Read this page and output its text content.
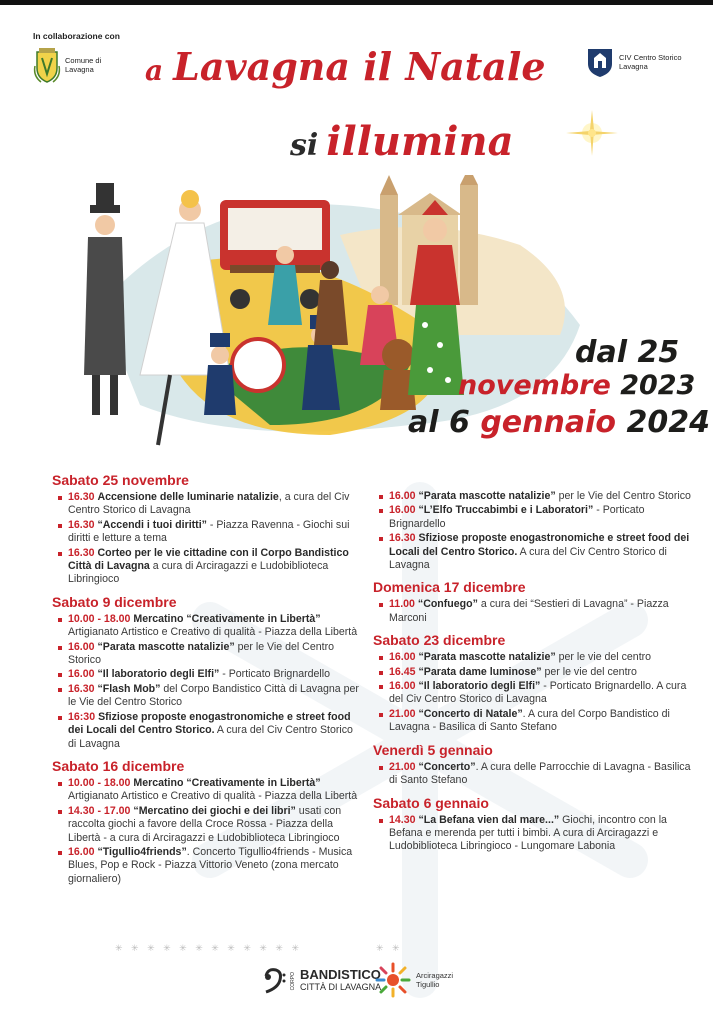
In collaborazione con
Comune di Lavagna
CIV Centro Storico Lavagna
a Lavagna il Natale
si illumina
dal 25
novembre 2023
al 6 gennaio 2024
Sabato 25 novembre
16.30 Accensione delle luminarie natalizie, a cura del Civ Centro Storico di Lavagna
16.30 “Accendi i tuoi diritti” - Piazza Ravenna - Giochi sui diritti e letture a tema
16.30 Corteo per le vie cittadine con il Corpo Bandistico Città di Lavagna a cura di Arciragazzi e Ludobiblioteca Libringioco
Sabato 9 dicembre
10.00 - 18.00 Mercatino “Creativamente in Libertà” Artigianato Artistico e Creativo di qualità - Piazza della Libertà
16.00 “Parata mascotte natalizie” per le Vie del Centro Storico
16.00 “Il laboratorio degli Elfi” - Porticato Brignardello
16.30 “Flash Mob” del Corpo Bandistico Città di Lavagna per le Vie del Centro Storico
16:30 Sfiziose proposte enogastronomiche e street food dei Locali del Centro Storico. A cura del Civ Centro Storico di Lavagna
Sabato 16 dicembre
10.00 - 18.00 Mercatino “Creativamente in Libertà” Artigianato Artistico e Creativo di qualità - Piazza della Libertà
14.30 - 17.00 “Mercatino dei giochi e dei libri” usati con raccolta giochi a favore della Croce Rossa - Piazza della Libertà - a cura di Arciragazzi e Ludobiblioteca Libringioco
16.00 “Tigullio4friends”. Concerto Tigullio4friends - Musica Blues, Pop e Rock - Piazza Vittorio Veneto (zona mercato giornaliero)
16.00 “Parata mascotte natalizie” per le Vie del Centro Storico
16.00 “L’Elfo Truccabimbi e i Laboratori” - Porticato Brignardello
16.30 Sfiziose proposte enogastronomiche e street food dei Locali del Centro Storico. A cura del Civ Centro Storico di Lavagna
Domenica 17 dicembre
11.00 “Confuego” a cura dei “Sestieri di Lavagna” - Piazza Marconi
Sabato 23 dicembre
16.00 “Parata mascotte natalizie” per le vie del centro
16.45 “Parata dame luminose” per le vie del centro
16.00 “Il laboratorio degli Elfi” - Porticato Brignardello. A cura del Civ Centro Storico di Lavagna
21.00 “Concerto di Natale”. A cura del Corpo Bandistico di Lavagna - Basilica di Santo Stefano
Venerdì 5 gennaio
21.00 “Concerto”. A cura delle Parrocchie di Lavagna - Basilica di Santo Stefano
Sabato 6 gennaio
14.30 “La Befana vien dal mare...” Giochi, incontro con la Befana e merenda per tutti i bimbi. A cura di Arciragazzi e Ludobiblioteca Libringioco - Lungomare Labonia
✳ ✳ ✳ ✳ ✳ ✳ ✳ ✳ ✳ ✳ ✳ ✳	✳ ✳
CORPO BANDISTICO
CITTÀ DI LAVAGNA
Arciragazzi Tigullio
